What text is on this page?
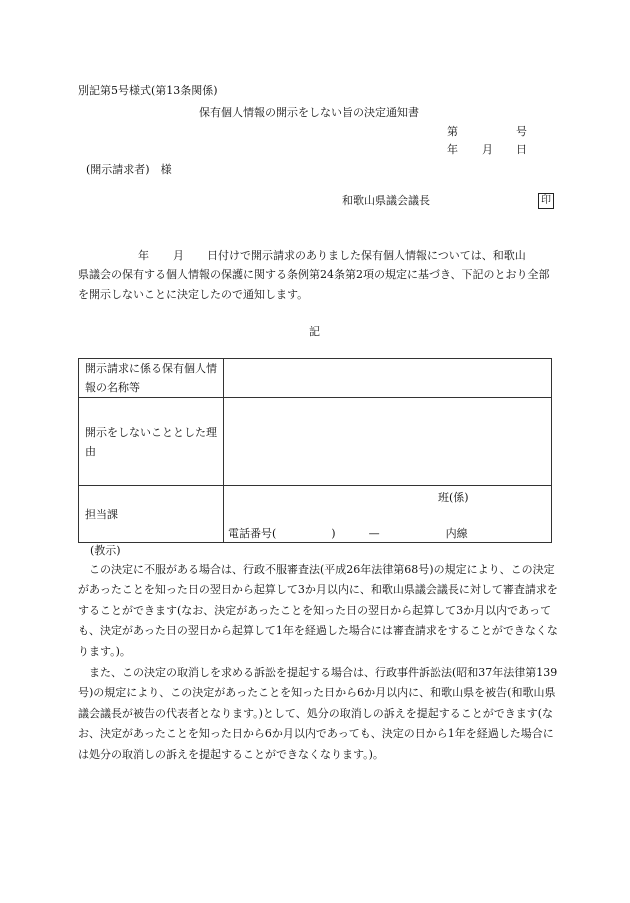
別記第5号様式(第13条関係)
保有個人情報の開示をしない旨の決定通知書
第	号
年 月 日
(開示請求者)　様
和歌山県議会議長	印
年 月 日付けで開示請求のありました保有個人情報については、和歌山
県議会の保有する個人情報の保護に関する条例第24条第2項の規定に基づき、下記のとおり全部を開示しないことに決定したので通知します。
記
開示請求に係る保有個人情報の名称等	
開示をしないこととした理由	
担当課	班(係)
電話番号(　　　　　)　　　—　　　　　　内線
(教示)
この決定に不服がある場合は、行政不服審査法(平成26年法律第68号)の規定により、この決定があったことを知った日の翌日から起算して3か月以内に、和歌山県議会議長に対して審査請求をすることができます(なお、決定があったことを知った日の翌日から起算して3か月以内であっても、決定があった日の翌日から起算して1年を経過した場合には審査請求をすることができなくなります。)。
また、この決定の取消しを求める訴訟を提起する場合は、行政事件訴訟法(昭和37年法律第139号)の規定により、この決定があったことを知った日から6か月以内に、和歌山県を被告(和歌山県議会議長が被告の代表者となります。)として、処分の取消しの訴えを提起することができます(なお、決定があったことを知った日から6か月以内であっても、決定の日から1年を経過した場合には処分の取消しの訴えを提起することができなくなります。)。
